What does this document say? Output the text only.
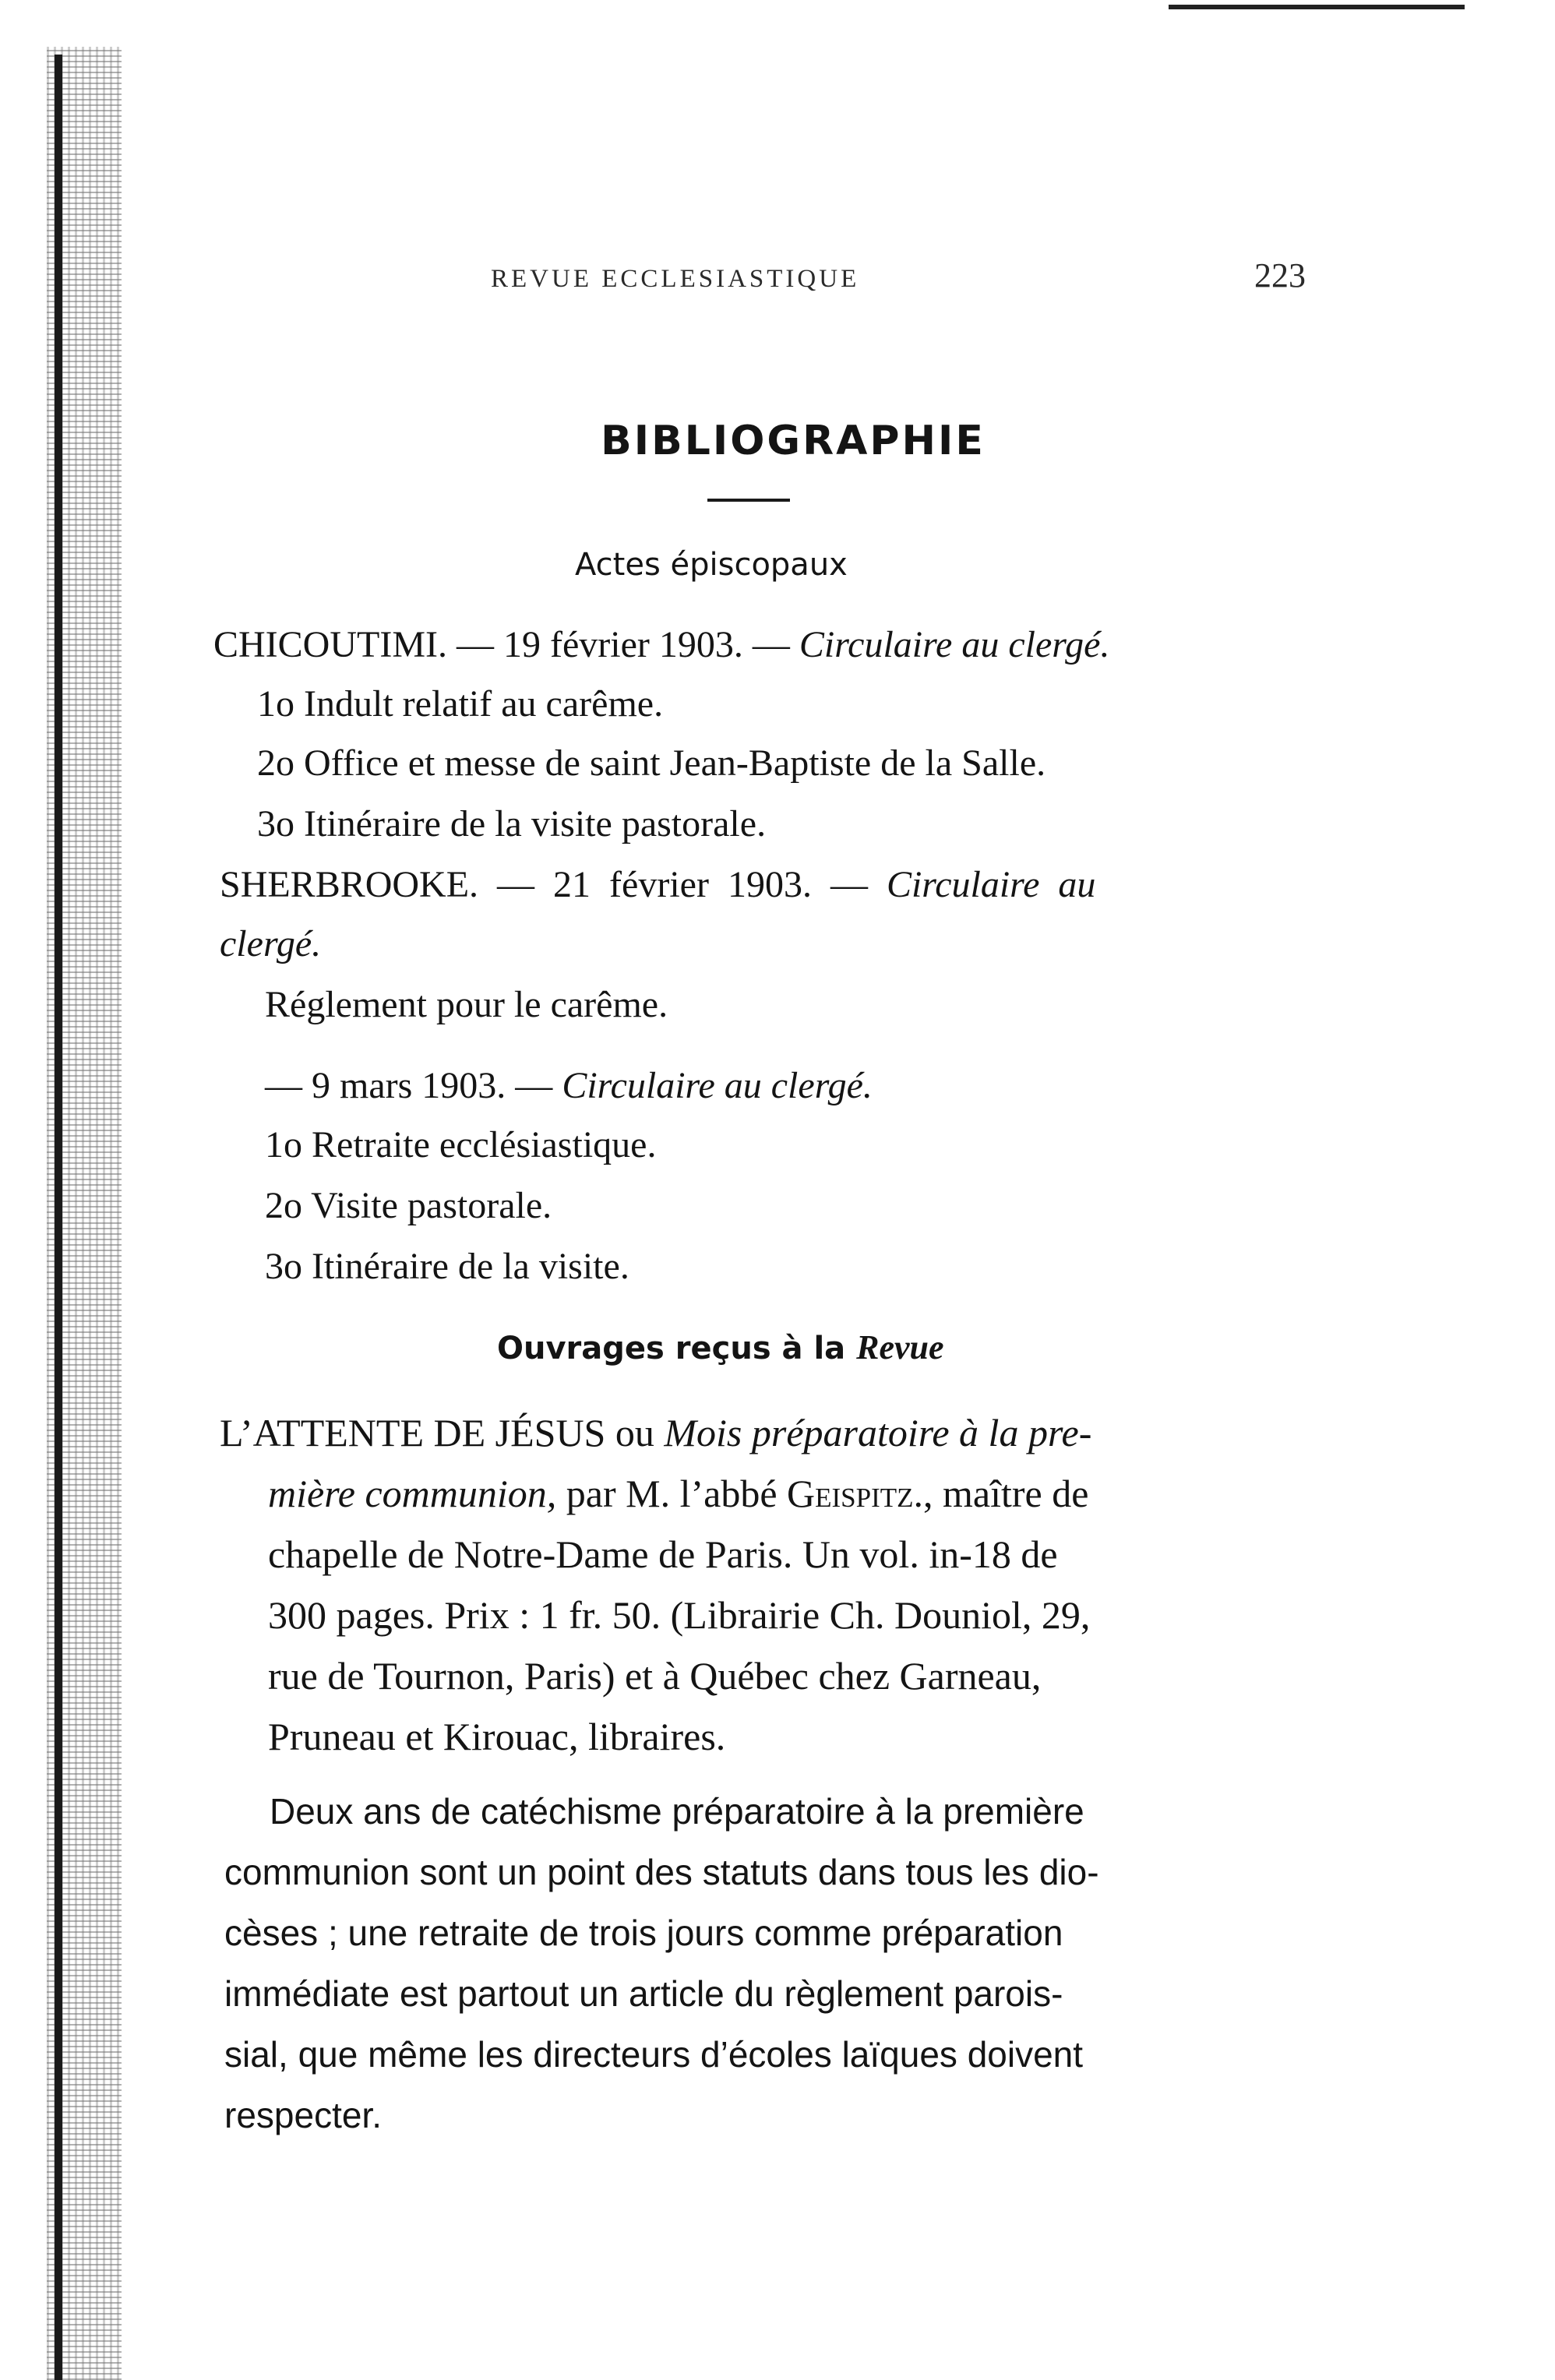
REVUE ECCLESIASTIQUE	223
BIBLIOGRAPHIE
Actes épiscopaux
CHICOUTIMI. — 19 février 1903. — Circulaire au clergé.
1o Indult relatif au carême.
2o Office et messe de saint Jean-Baptiste de la Salle.
3o Itinéraire de la visite pastorale.
SHERBROOKE. — 21 février 1903. — Circulaire au
clergé.
Réglement pour le carême.
— 9 mars 1903. — Circulaire au clergé.
1o Retraite ecclésiastique.
2o Visite pastorale.
3o Itinéraire de la visite.
Ouvrages reçus à la Revue
L’ATTENTE DE JÉSUS ou Mois préparatoire à la pre-
mière communion, par M. l’abbé Geispitz., maître de
chapelle de Notre-Dame de Paris. Un vol. in-18 de
300 pages. Prix : 1 fr. 50. (Librairie Ch. Douniol, 29,
rue de Tournon, Paris) et à Québec chez Garneau,
Pruneau et Kirouac, libraires.
Deux ans de catéchisme préparatoire à la première
communion sont un point des statuts dans tous les dio-
cèses ; une retraite de trois jours comme préparation
immédiate est partout un article du règlement parois-
sial, que même les directeurs d’écoles laïques doivent
respecter.
